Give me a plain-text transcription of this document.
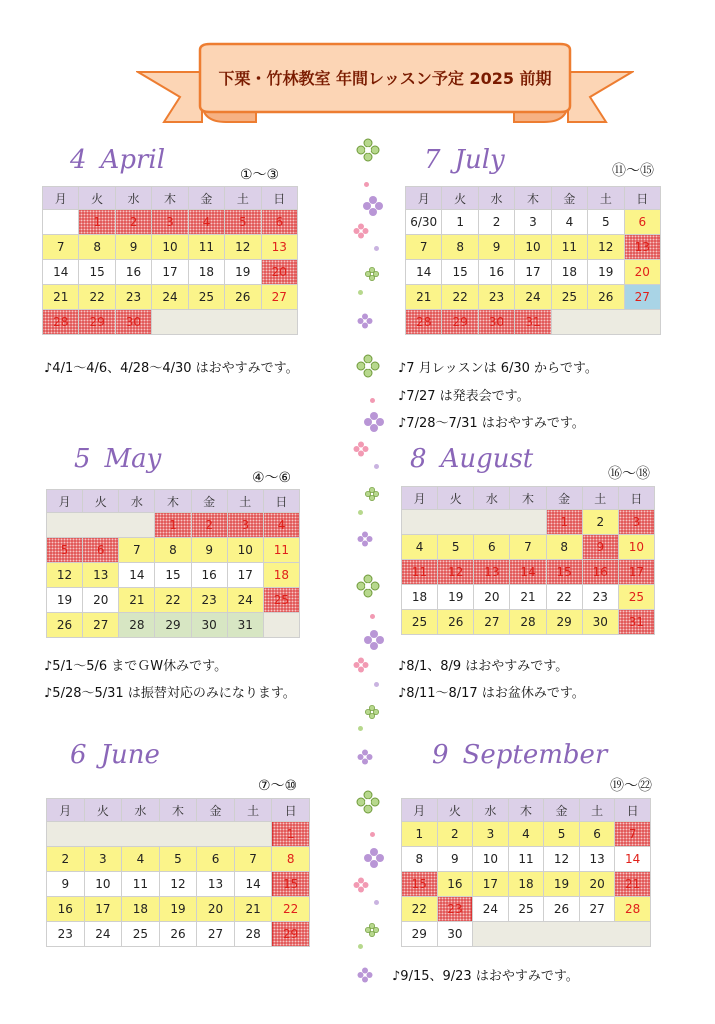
下栗・竹林教室 年間レッスン予定 2025 前期
4 April	①～③	7 July	⑪～⑮
5 May
④～⑥
8 August	⑯～⑱
6 June
⑦～⑩
9 September
⑲～㉒
月	火	水	木	金	土	日
	1	2	3	4	5	6
7	8	9	10	11	12	13
14	15	16	17	18	19	20
21	22	23	24	25	26	27
28	29	30				
月	火	水	木	金	土	日
6/30	1	2	3	4	5	6
7	8	9	10	11	12	13
14	15	16	17	18	19	20
21	22	23	24	25	26	27
28	29	30	31			
月	火	水	木	金	土	日
			1	2	3	4
5	6	7	8	9	10	11
12	13	14	15	16	17	18
19	20	21	22	23	24	25
26	27	28	29	30	31	
月	火	水	木	金	土	日
				1	2	3
4	5	6	7	8	9	10
11	12	13	14	15	16	17
18	19	20	21	22	23	25
25	26	27	28	29	30	31
月	火	水	木	金	土	日
						1
2	3	4	5	6	7	8
9	10	11	12	13	14	15
16	17	18	19	20	21	22
23	24	25	26	27	28	29
月	火	水	木	金	土	日
1	2	3	4	5	6	7
8	9	10	11	12	13	14
15	16	17	18	19	20	21
22	23	24	25	26	27	28
29	30					
♪4/1～4/6、4/28～4/30 はおやすみです。	♪7 月レッスンは 6/30 からです。
♪7/27 は発表会です。
♪7/28～7/31 はおやすみです。
♪5/1～5/6 までＧW休みです。
♪5/28～5/31 は振替対応のみになります。
♪8/1、8/9 はおやすみです。
♪8/11～8/17 はお盆休みです。
♪9/15、9/23 はおやすみです。
